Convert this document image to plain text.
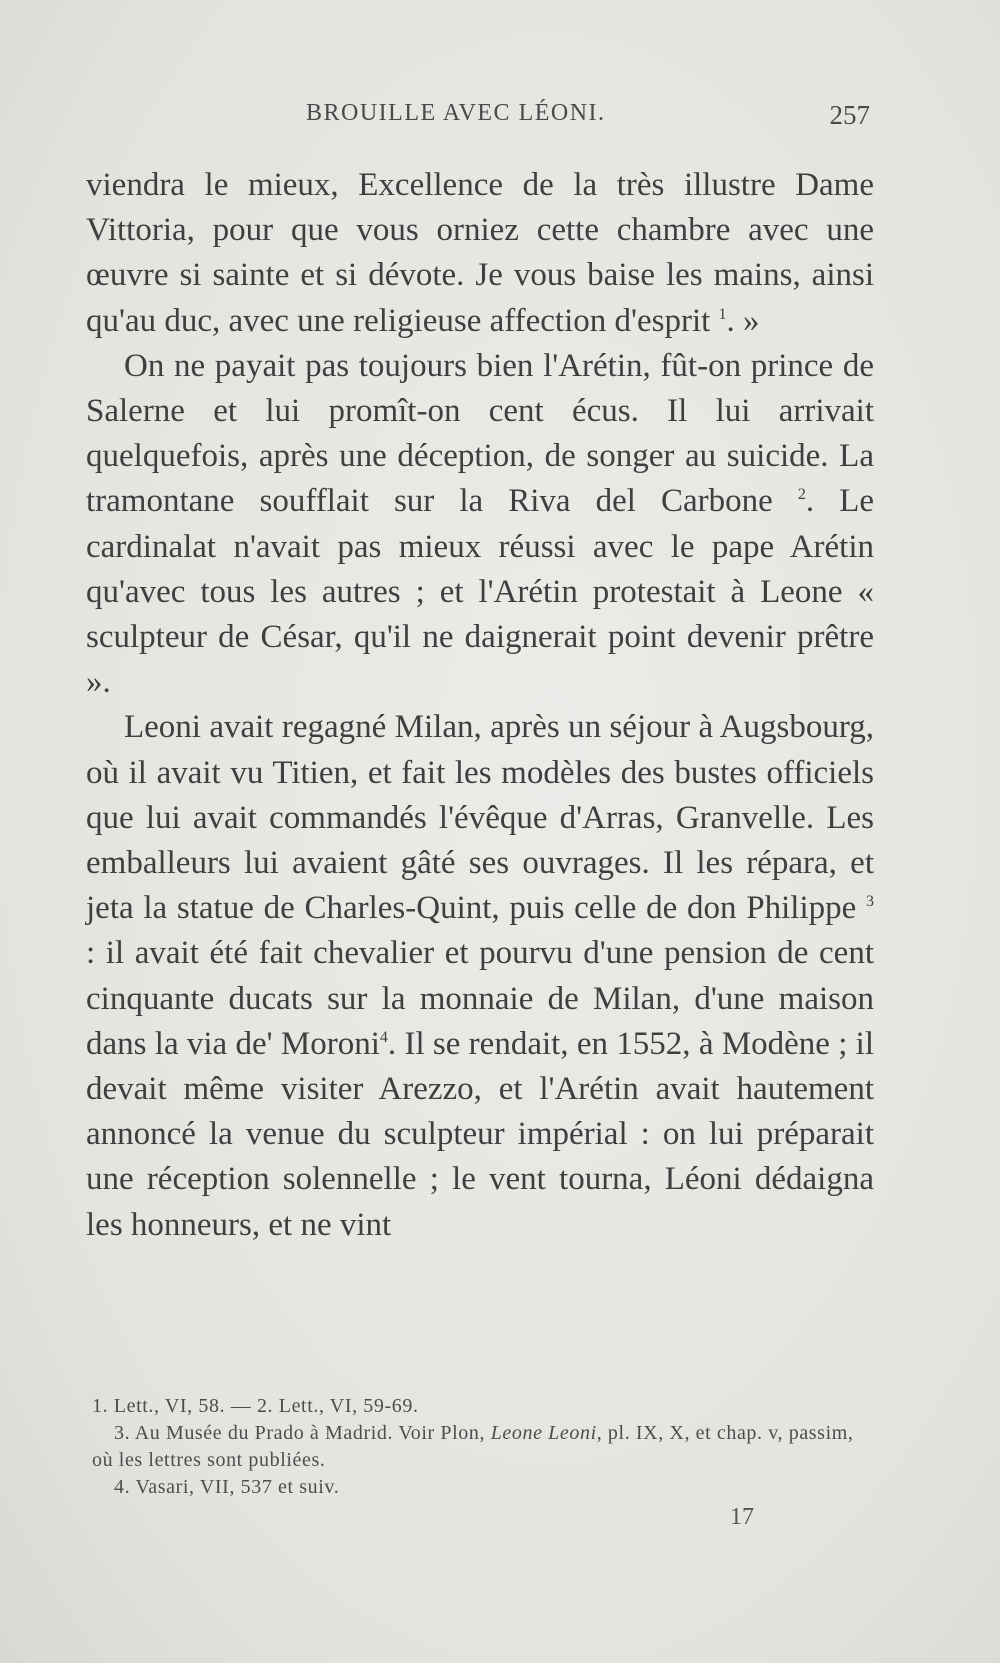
BROUILLE AVEC LÉONI.	257

viendra le mieux, Excellence de la très illustre Dame Vittoria, pour que vous orniez cette chambre avec une œuvre si sainte et si dévote. Je vous baise les mains, ainsi qu'au duc, avec une religieuse affection d'esprit $^1$. »

On ne payait pas toujours bien l'Arétin, fût-on prince de Salerne et lui promît-on cent écus. Il lui arrivait quelquefois, après une déception, de songer au suicide. La tramontane soufflait sur la Riva del Carbone $^2$. Le cardinalat n'avait pas mieux réussi avec le pape Arétin qu'avec tous les autres ; et l'Arétin protestait à Leone « sculpteur de César, qu'il ne daignerait point devenir prêtre ».

Leoni avait regagné Milan, après un séjour à Augsbourg, où il avait vu Titien, et fait les modèles des bustes officiels que lui avait commandés l'évêque d'Arras, Granvelle. Les emballeurs lui avaient gâté ses ouvrages. Il les répara, et jeta la statue de Charles-Quint, puis celle de don Philippe $^3$ : il avait été fait chevalier et pourvu d'une pension de cent cinquante ducats sur la monnaie de Milan, d'une maison dans la via de' Moroni$^4$. Il se rendait, en 1552, à Modène ; il devait même visiter Arezzo, et l'Arétin avait hautement annoncé la venue du sculpteur impérial : on lui préparait une réception solennelle ; le vent tourna, Léoni dédaigna les honneurs, et ne vint

1. Lett., VI, 58. — 2. Lett., VI, 59-69.

3. Au Musée du Prado à Madrid. Voir Plon, Leone Leoni, pl. IX, X, et chap. v, passim, où les lettres sont publiées.

4. Vasari, VII, 537 et suiv.

17
